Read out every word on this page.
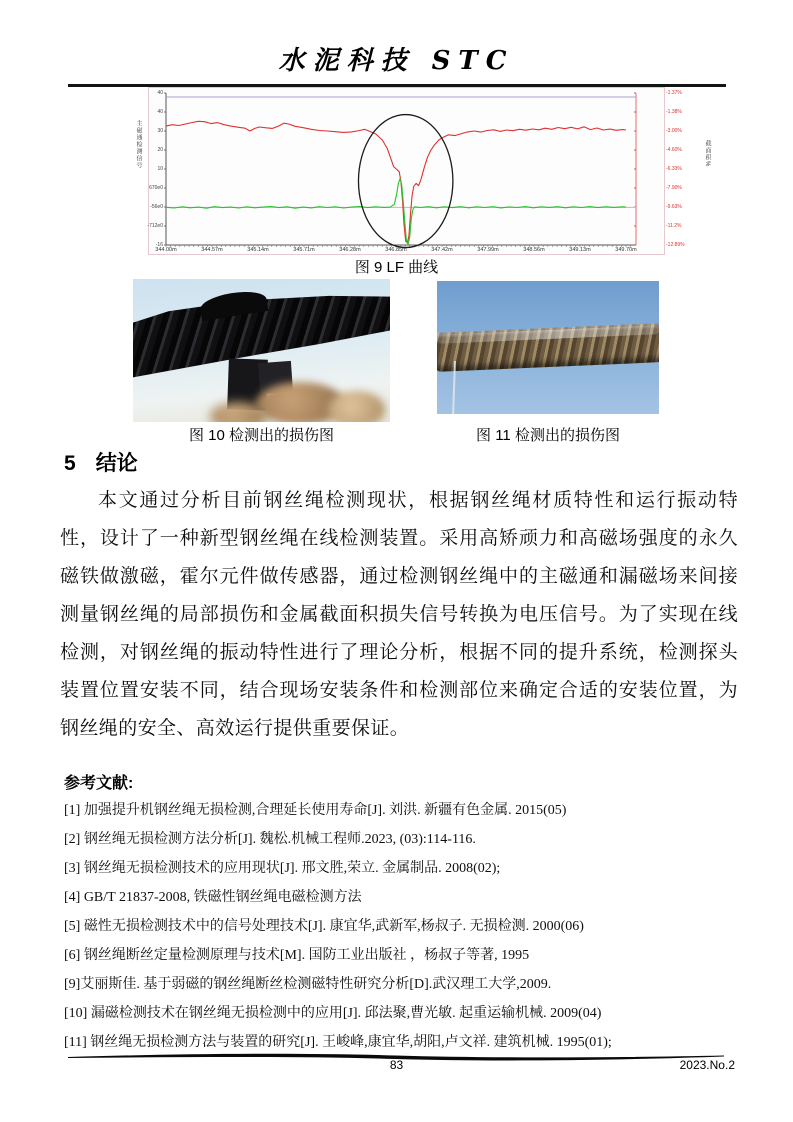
水泥科技 STC
40
40
30
20
10
670e0
-56e0
-712e0
-16
-1.37%
-1.38%
-3.00%
-4.60%
-6.33%
-7.90%
-9.63%
-11.2%
-12.89%
344.00m	344.57m	345.14m	345.71m	346.28m	346.85m	347.42m	347.99m	348.56m	349.13m	349.70m
主磁通检测信号	截面积%
图 9 LF 曲线
图 10 检测出的损伤图	图 11 检测出的损伤图
5 结论

本文通过分析目前钢丝绳检测现状，根据钢丝绳材质特性和运行振动特性，设计了一种新型钢丝绳在线检测装置。采用高矫顽力和高磁场强度的永久磁铁做激磁，霍尔元件做传感器，通过检测钢丝绳中的主磁通和漏磁场来间接测量钢丝绳的局部损伤和金属截面积损失信号转换为电压信号。为了实现在线检测，对钢丝绳的振动特性进行了理论分析，根据不同的提升系统，检测探头装置位置安装不同，结合现场安装条件和检测部位来确定合适的安装位置，为钢丝绳的安全、高效运行提供重要保证。

参考文献:
[1] 加强提升机钢丝绳无损检测,合理延长使用寿命[J]. 刘洪. 新疆有色金属. 2015(05)
[2] 钢丝绳无损检测方法分析[J]. 魏松.机械工程师.2023, (03):114-116.
[3] 钢丝绳无损检测技术的应用现状[J]. 邢文胜,荣立. 金属制品. 2008(02);
[4] GB/T 21837-2008, 铁磁性钢丝绳电磁检测方法
[5] 磁性无损检测技术中的信号处理技术[J]. 康宜华,武新军,杨叔子. 无损检测. 2000(06)
[6] 钢丝绳断丝定量检测原理与技术[M]. 国防工业出版社 ，杨叔子等著, 1995
[9]艾丽斯佳. 基于弱磁的钢丝绳断丝检测磁特性研究分析[D].武汉理工大学,2009.
[10] 漏磁检测技术在钢丝绳无损检测中的应用[J]. 邱法聚,曹光敏. 起重运输机械. 2009(04)
[11] 钢丝绳无损检测方法与装置的研究[J]. 王峻峰,康宜华,胡阳,卢文祥. 建筑机械. 1995(01);
83	2023.No.2
